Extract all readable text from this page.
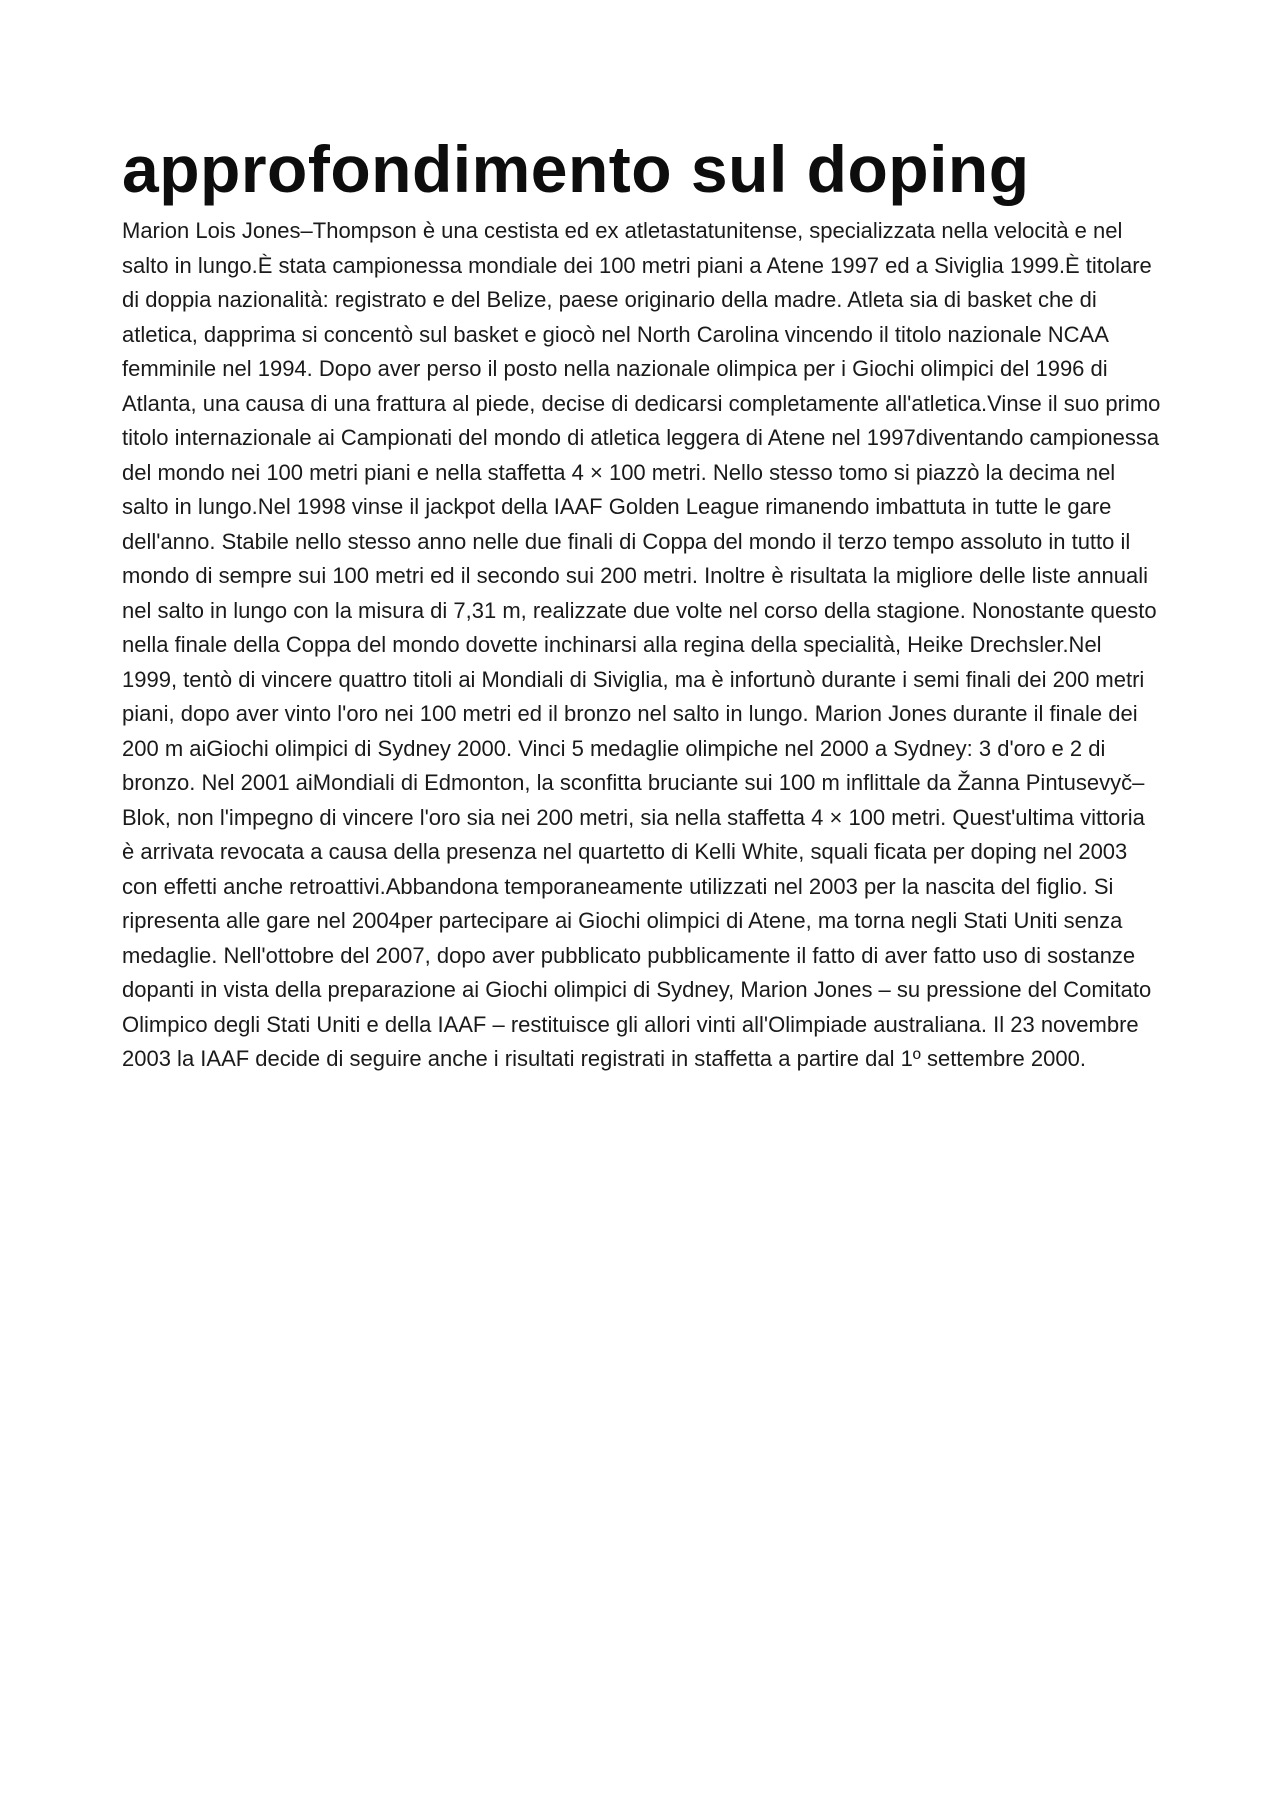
approfondimento sul doping

Marion Lois Jones–Thompson è una cestista ed ex atletastatunitense, specializzata nella velocità e nel salto in lungo.È stata campionessa mondiale dei 100 metri piani a Atene 1997 ed a Siviglia 1999.È titolare di doppia nazionalità: registrato e del Belize, paese originario della madre. Atleta sia di basket che di atletica, dapprima si concentò sul basket e giocò nel North Carolina vincendo il titolo nazionale NCAA femminile nel 1994. Dopo aver perso il posto nella nazionale olimpica per i Giochi olimpici del 1996 di Atlanta, una causa di una frattura al piede, decise di dedicarsi completamente all'atletica.Vinse il suo primo titolo internazionale ai Campionati del mondo di atletica leggera di Atene nel 1997diventando campionessa del mondo nei 100 metri piani e nella staffetta 4 × 100 metri. Nello stesso tomo si piazzò la decima nel salto in lungo.Nel 1998 vinse il jackpot della IAAF Golden League rimanendo imbattuta in tutte le gare dell'anno. Stabile nello stesso anno nelle due finali di Coppa del mondo il terzo tempo assoluto in tutto il mondo di sempre sui 100 metri ed il secondo sui 200 metri. Inoltre è risultata la migliore delle liste annuali nel salto in lungo con la misura di 7,31 m, realizzate due volte nel corso della stagione. Nonostante questo nella finale della Coppa del mondo dovette inchinarsi alla regina della specialità, Heike Drechsler.Nel 1999, tentò di vincere quattro titoli ai Mondiali di Siviglia, ma è infortunò durante i semi finali dei 200 metri piani, dopo aver vinto l'oro nei 100 metri ed il bronzo nel salto in lungo. Marion Jones durante il finale dei 200 m aiGiochi olimpici di Sydney 2000. Vinci 5 medaglie olimpiche nel 2000 a Sydney: 3 d'oro e 2 di bronzo. Nel 2001 aiMondiali di Edmonton, la sconfitta bruciante sui 100 m inflittale da Žanna Pintusevyč–Blok, non l'impegno di vincere l'oro sia nei 200 metri, sia nella staffetta 4 × 100 metri. Quest'ultima vittoria è arrivata revocata a causa della presenza nel quartetto di Kelli White, squali ficata per doping nel 2003 con effetti anche retroattivi.Abbandona temporaneamente utilizzati nel 2003 per la nascita del figlio. Si ripresenta alle gare nel 2004per partecipare ai Giochi olimpici di Atene, ma torna negli Stati Uniti senza medaglie. Nell'ottobre del 2007, dopo aver pubblicato pubblicamente il fatto di aver fatto uso di sostanze dopanti in vista della preparazione ai Giochi olimpici di Sydney, Marion Jones – su pressione del Comitato Olimpico degli Stati Uniti e della IAAF – restituisce gli allori vinti all'Olimpiade australiana. Il 23 novembre 2003 la IAAF decide di seguire anche i risultati registrati in staffetta a partire dal 1º settembre 2000.
